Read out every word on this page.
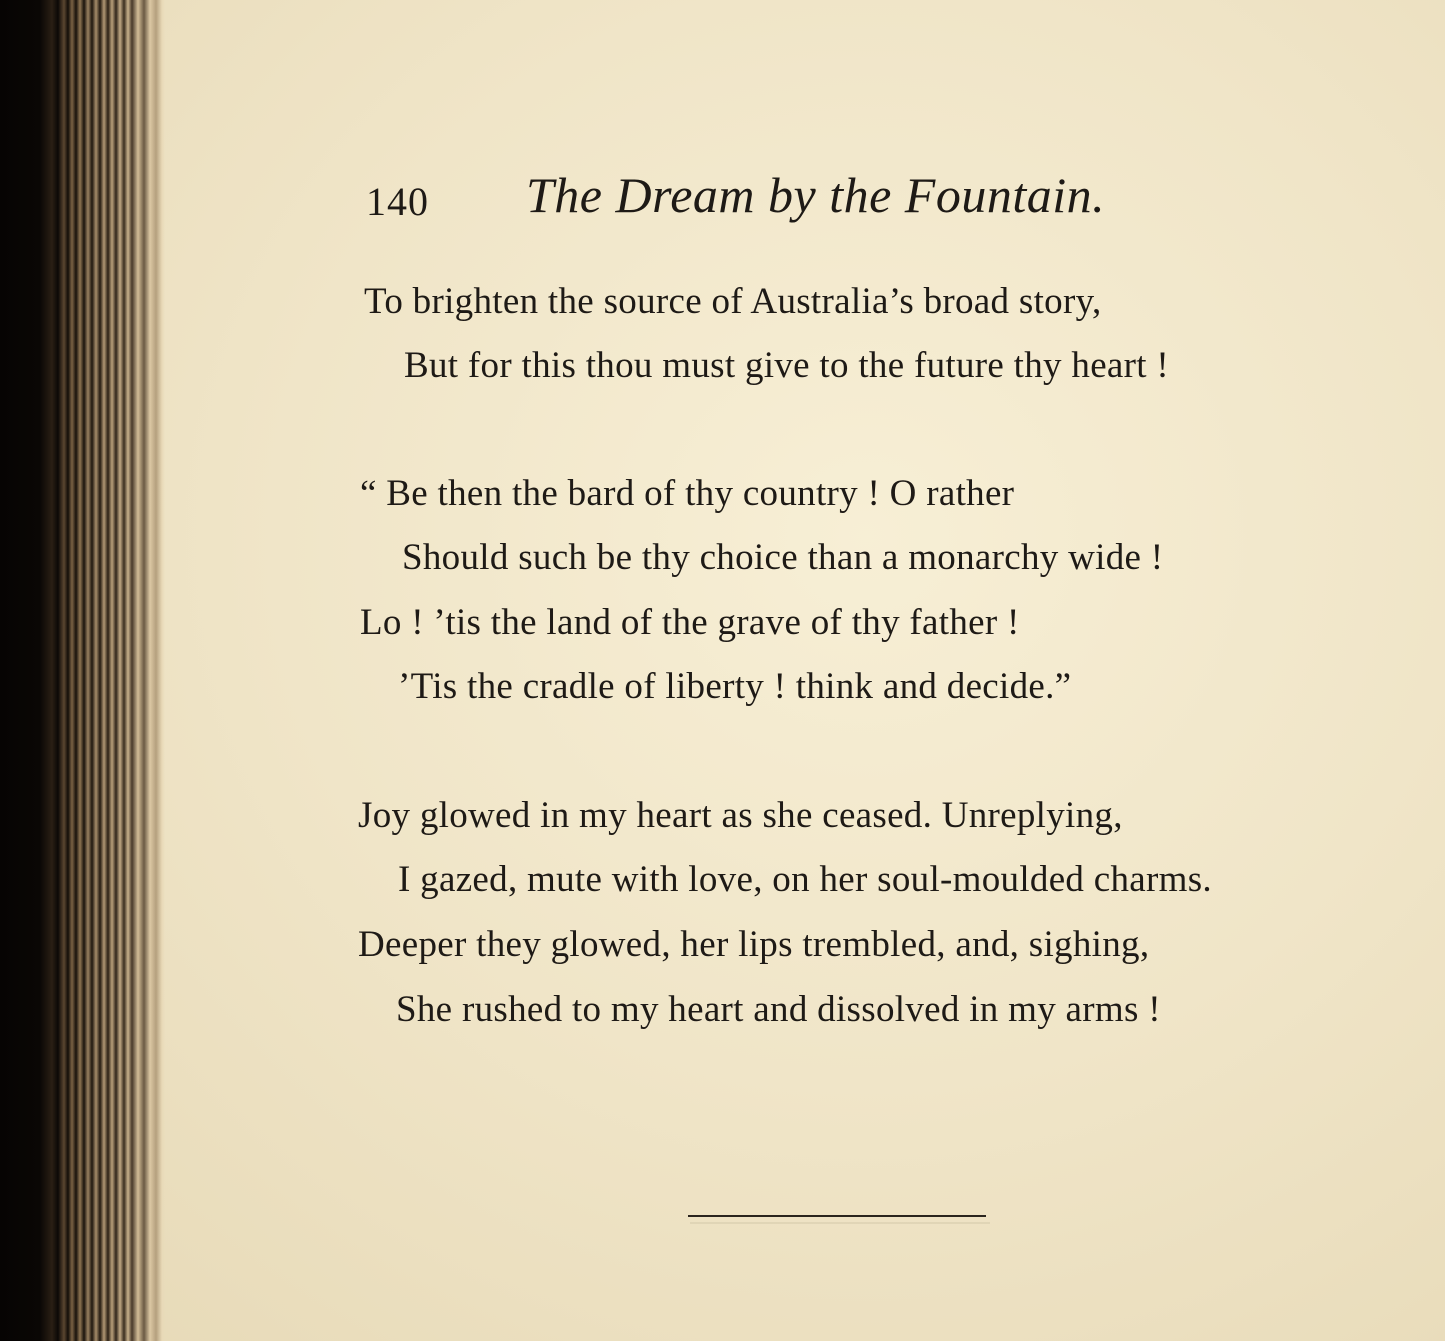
140 The Dream by the Fountain.
To brighten the source of Australia’s broad story,
But for this thou must give to the future thy heart !
“ Be then the bard of thy country ! O rather
Should such be thy choice than a monarchy wide !
Lo ! ’tis the land of the grave of thy father !
’Tis the cradle of liberty ! think and decide.”
Joy glowed in my heart as she ceased. Unreplying,
I gazed, mute with love, on her soul-moulded charms.
Deeper they glowed, her lips trembled, and, sighing,
She rushed to my heart and dissolved in my arms !
